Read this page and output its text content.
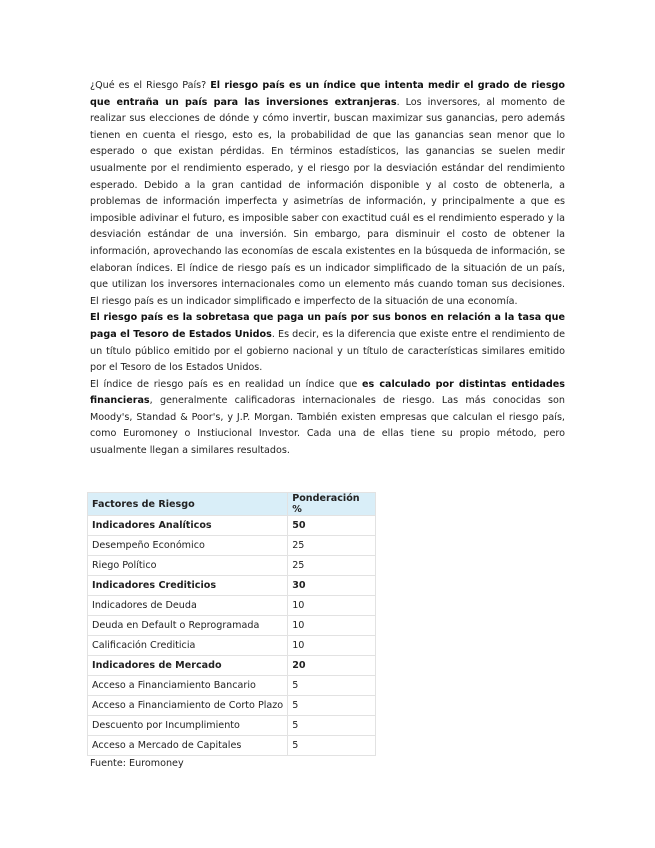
¿Qué es el Riesgo País? El riesgo país es un índice que intenta medir el grado de riesgo que entraña un país para las inversiones extranjeras. Los inversores, al momento de realizar sus elecciones de dónde y cómo invertir, buscan maximizar sus ganancias, pero además tienen en cuenta el riesgo, esto es, la probabilidad de que las ganancias sean menor que lo esperado o que existan pérdidas. En términos estadísticos, las ganancias se suelen medir usualmente por el rendimiento esperado, y el riesgo por la desviación estándar del rendimiento esperado. Debido a la gran cantidad de información disponible y al costo de obtenerla, a problemas de información imperfecta y asimetrías de información, y principalmente a que es imposible adivinar el futuro, es imposible saber con exactitud cuál es el rendimiento esperado y la desviación estándar de una inversión. Sin embargo, para disminuir el costo de obtener la información, aprovechando las economías de escala existentes en la búsqueda de información, se elaboran índices. El índice de riesgo país es un indicador simplificado de la situación de un país, que utilizan los inversores internacionales como un elemento más cuando toman sus decisiones. El riesgo país es un indicador simplificado e imperfecto de la situación de una economía.

El riesgo país es la sobretasa que paga un país por sus bonos en relación a la tasa que paga el Tesoro de Estados Unidos. Es decir, es la diferencia que existe entre el rendimiento de un título público emitido por el gobierno nacional y un título de características similares emitido por el Tesoro de los Estados Unidos.

El índice de riesgo país es en realidad un índice que es calculado por distintas entidades financieras, generalmente calificadoras internacionales de riesgo. Las más conocidas son Moody's, Standad & Poor's, y J.P. Morgan. También existen empresas que calculan el riesgo país, como Euromoney o Instiucional Investor. Cada una de ellas tiene su propio método, pero usualmente llegan a similares resultados.

Factores de Riesgo	Ponderación %
Indicadores Analíticos	50
Desempeño Económico	25
Riego Político	25
Indicadores Crediticios	30
Indicadores de Deuda	10
Deuda en Default o Reprogramada	10
Calificación Crediticia	10
Indicadores de Mercado	20
Acceso a Financiamiento Bancario	5
Acceso a Financiamiento de Corto Plazo	5
Descuento por Incumplimiento	5
Acceso a Mercado de Capitales	5
Fuente: Euromoney
